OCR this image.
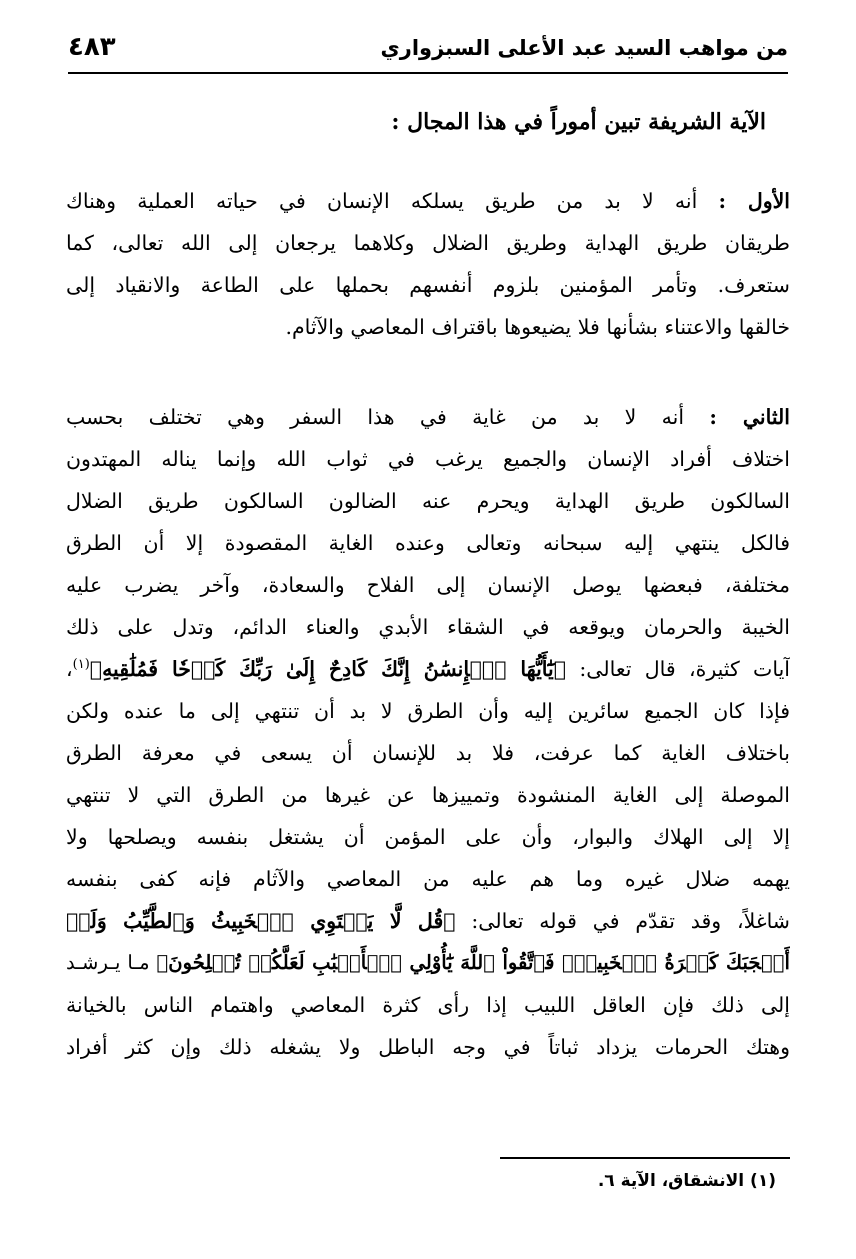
من مواهب السيد عبد الأعلى السبزواري
٤٨٣
الآية الشريفة تبين أموراً في هذا المجال :
الأول : أنه لا بد من طريق يسلكه الإنسان في حياته العملية وهناك
طريقان طريق الهداية وطريق الضلال وكلاهما يرجعان إلى الله تعالى، كما
ستعرف. وتأمر المؤمنين بلزوم أنفسهم بحملها على الطاعة والانقياد إلى
خالقها والاعتناء بشأنها فلا يضيعوها باقتراف المعاصي والآثام.
الثاني : أنه لا بد من غاية في هذا السفر وهي تختلف بحسب
اختلاف أفراد الإنسان والجميع يرغب في ثواب الله وإنما يناله المهتدون
السالكون طريق الهداية ويحرم عنه الضالون السالكون طريق الضلال
فالكل ينتهي إليه سبحانه وتعالى وعنده الغاية المقصودة إلا أن الطرق
مختلفة، فبعضها يوصل الإنسان إلى الفلاح والسعادة، وآخر يضرب عليه
الخيبة والحرمان ويوقعه في الشقاء الأبدي والعناء الدائم، وتدل على ذلك
آيات كثيرة، قال تعالى: ﴿يَٰٓأَيُّهَا ٱلۡإِنسَٰنُ إِنَّكَ كَادِحٌ إِلَىٰ رَبِّكَ كَدۡحٗا فَمُلَٰقِيهِ﴾$^{(١)}$،
فإذا كان الجميع سائرين إليه وأن الطرق لا بد أن تنتهي إلى ما عنده ولكن
باختلاف الغاية كما عرفت، فلا بد للإنسان أن يسعى في معرفة الطرق
الموصلة إلى الغاية المنشودة وتمييزها عن غيرها من الطرق التي لا تنتهي
إلا إلى الهلاك والبوار، وأن على المؤمن أن يشتغل بنفسه ويصلحها ولا
يهمه ضلال غيره وما هم عليه من المعاصي والآثام فإنه كفى بنفسه
شاغلاً، وقد تقدّم في قوله تعالى: ﴿قُل لَّا يَسۡتَوِي ٱلۡخَبِيثُ وَٱلطَّيِّبُ وَلَوۡ
أَعۡجَبَكَ كَثۡرَةُ ٱلۡخَبِيثِۚ فَٱتَّقُواْ ٱللَّهَ يَٰٓأُوْلِي ٱلۡأَلۡبَٰبِ لَعَلَّكُمۡ تُفۡلِحُونَ﴾ مـا يـرشـد
إلى ذلك فإن العاقل اللبيب إذا رأى كثرة المعاصي واهتمام الناس بالخيانة
وهتك الحرمات يزداد ثباتاً في وجه الباطل ولا يشغله ذلك وإن كثر أفراد
(١) الانشقاق، الآية ٦.
